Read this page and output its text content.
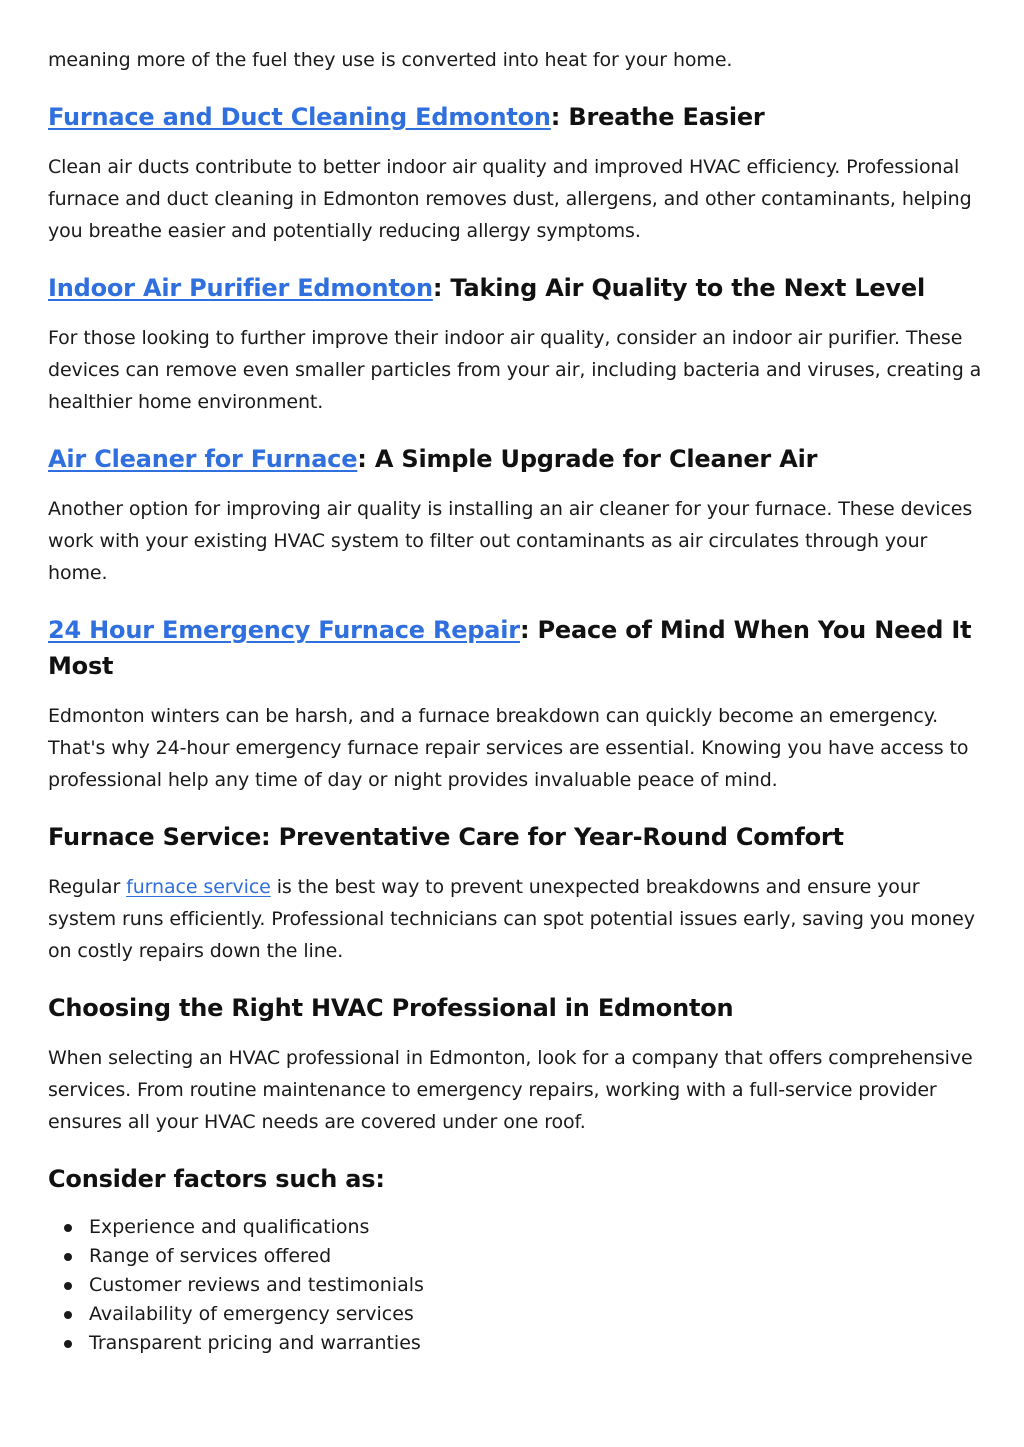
meaning more of the fuel they use is converted into heat for your home.

Furnace and Duct Cleaning Edmonton: Breathe Easier

Clean air ducts contribute to better indoor air quality and improved HVAC efficiency. Professional furnace and duct cleaning in Edmonton removes dust, allergens, and other contaminants, helping you breathe easier and potentially reducing allergy symptoms.

Indoor Air Purifier Edmonton: Taking Air Quality to the Next Level

For those looking to further improve their indoor air quality, consider an indoor air purifier. These devices can remove even smaller particles from your air, including bacteria and viruses, creating a healthier home environment.

Air Cleaner for Furnace: A Simple Upgrade for Cleaner Air

Another option for improving air quality is installing an air cleaner for your furnace. These devices work with your existing HVAC system to filter out contaminants as air circulates through your home.

24 Hour Emergency Furnace Repair: Peace of Mind When You Need It Most

Edmonton winters can be harsh, and a furnace breakdown can quickly become an emergency. That's why 24-hour emergency furnace repair services are essential. Knowing you have access to professional help any time of day or night provides invaluable peace of mind.

Furnace Service: Preventative Care for Year-Round Comfort

Regular furnace service is the best way to prevent unexpected breakdowns and ensure your system runs efficiently. Professional technicians can spot potential issues early, saving you money on costly repairs down the line.

Choosing the Right HVAC Professional in Edmonton

When selecting an HVAC professional in Edmonton, look for a company that offers comprehensive services. From routine maintenance to emergency repairs, working with a full-service provider ensures all your HVAC needs are covered under one roof.

Consider factors such as:
Experience and qualifications
Range of services offered
Customer reviews and testimonials
Availability of emergency services
Transparent pricing and warranties
